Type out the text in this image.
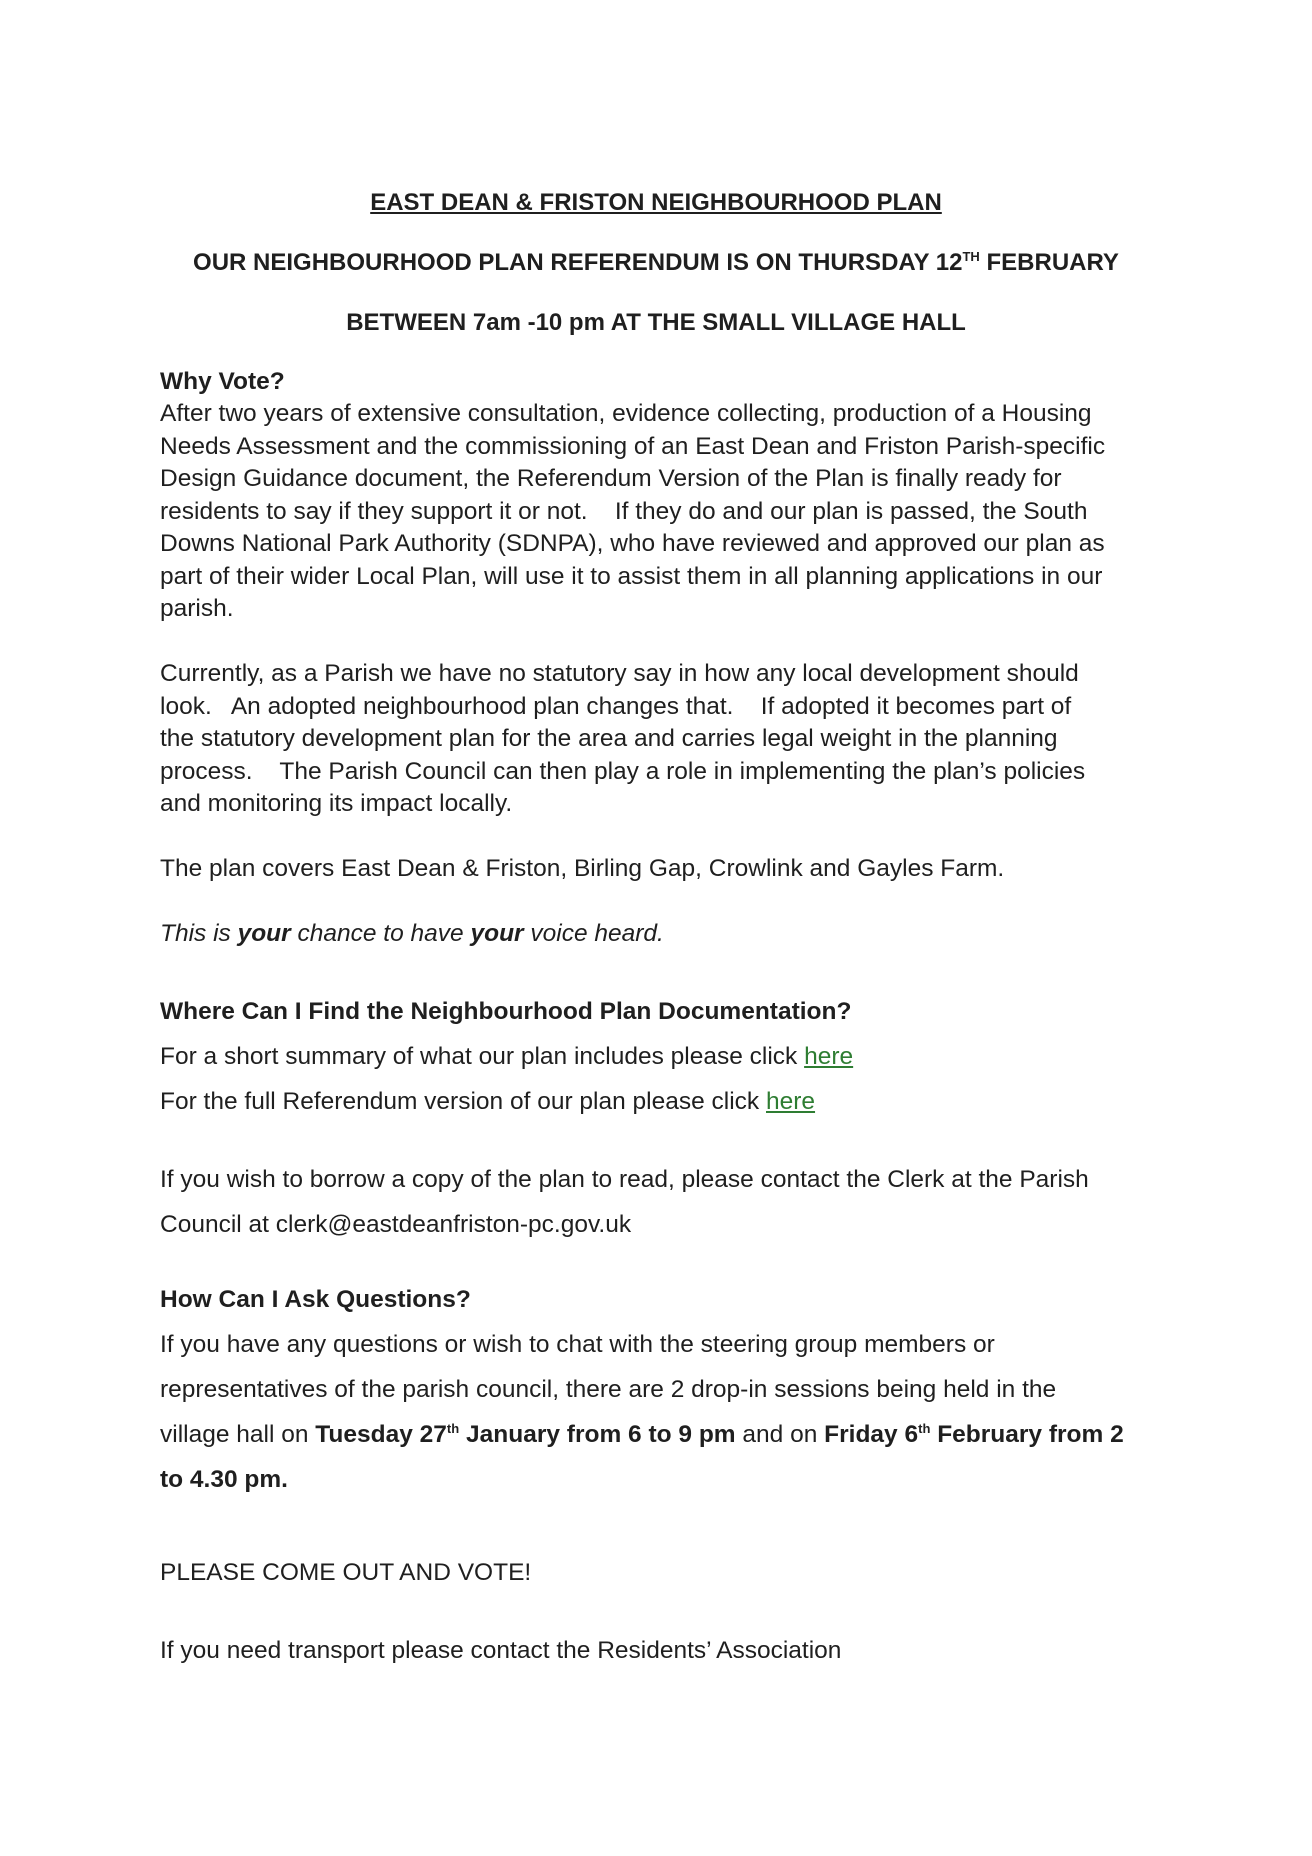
EAST DEAN & FRISTON NEIGHBOURHOOD PLAN
OUR NEIGHBOURHOOD PLAN REFERENDUM IS ON THURSDAY 12TH FEBRUARY
BETWEEN 7am -10 pm AT THE SMALL VILLAGE HALL
Why Vote?
After two years of extensive consultation, evidence collecting, production of a Housing
Needs Assessment and the commissioning of an East Dean and Friston Parish-specific
Design Guidance document, the Referendum Version of the Plan is finally ready for
residents to say if they support it or not.    If they do and our plan is passed, the South
Downs National Park Authority (SDNPA), who have reviewed and approved our plan as
part of their wider Local Plan, will use it to assist them in all planning applications in our
parish.
Currently, as a Parish we have no statutory say in how any local development should
look.   An adopted neighbourhood plan changes that.    If adopted it becomes part of
the statutory development plan for the area and carries legal weight in the planning
process.    The Parish Council can then play a role in implementing the plan’s policies
and monitoring its impact locally.
The plan covers East Dean & Friston, Birling Gap, Crowlink and Gayles Farm.
This is your chance to have your voice heard.
Where Can I Find the Neighbourhood Plan Documentation?
For a short summary of what our plan includes please click here
For the full Referendum version of our plan please click here
If you wish to borrow a copy of the plan to read, please contact the Clerk at the Parish
Council at clerk@eastdeanfriston-pc.gov.uk
How Can I Ask Questions?
If you have any questions or wish to chat with the steering group members or
representatives of the parish council, there are 2 drop-in sessions being held in the
village hall on Tuesday 27th January from 6 to 9 pm and on Friday 6th February from 2
to 4.30 pm.
PLEASE COME OUT AND VOTE!
If you need transport please contact the Residents’ Association
